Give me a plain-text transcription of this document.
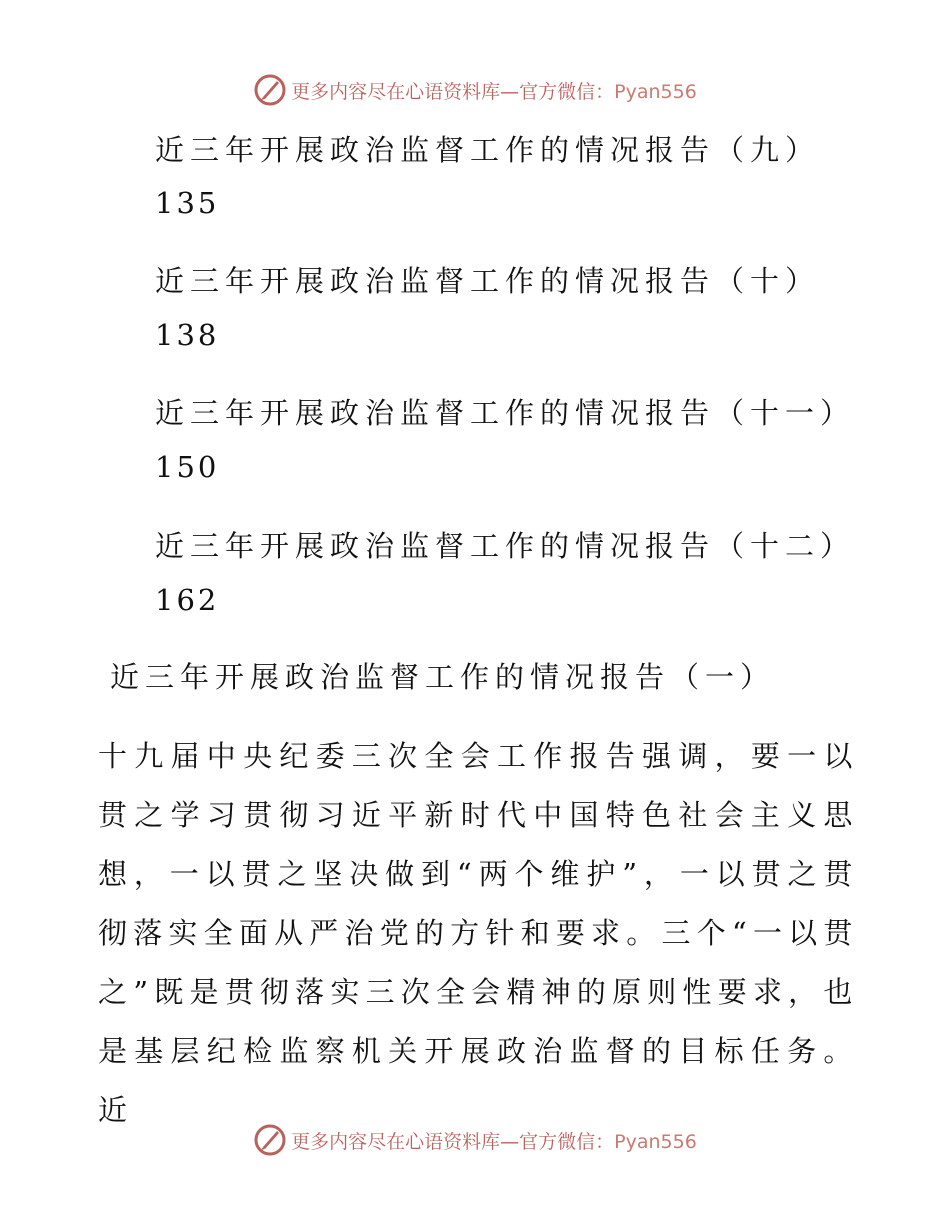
更多内容尽在心语资料库—官方微信：Pyan556
近三年开展政治监督工作的情况报告（九）
135
近三年开展政治监督工作的情况报告（十）
138
近三年开展政治监督工作的情况报告（十一）
150
近三年开展政治监督工作的情况报告（十二）
162
近三年开展政治监督工作的情况报告（一）

十九届中央纪委三次全会工作报告强调，要一以贯之学习贯彻习近平新时代中国特色社会主义思想，一以贯之坚决做到“两个维护”，一以贯之贯彻落实全面从严治党的方针和要求。三个“一以贯之”既是贯彻落实三次全会精神的原则性要求，也是基层纪检监察机关开展政治监督的目标任务。近

更多内容尽在心语资料库—官方微信：Pyan556
